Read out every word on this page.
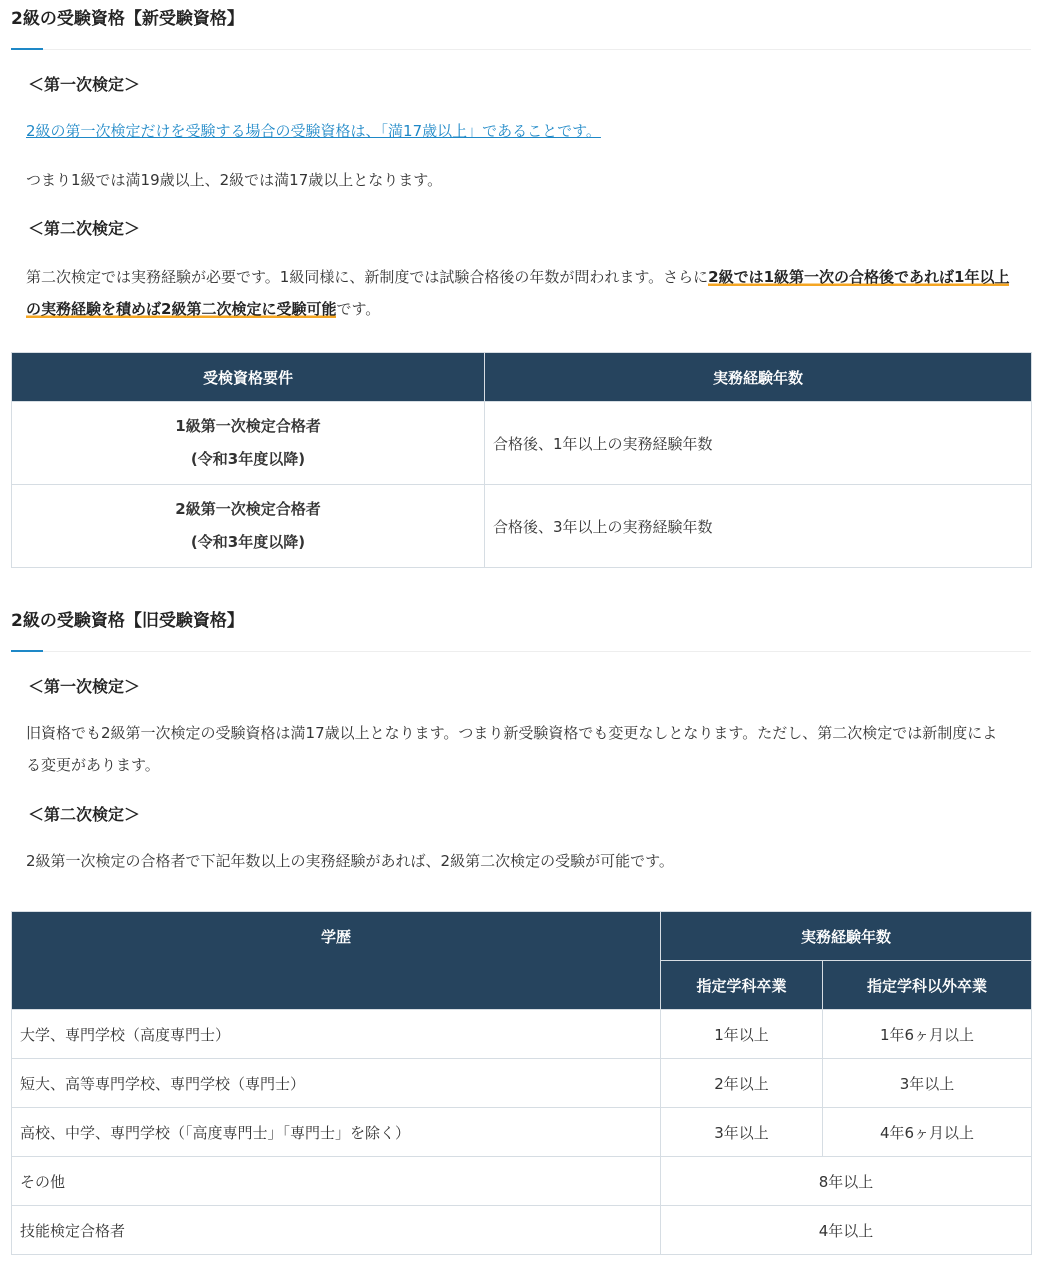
2級の受験資格【新受験資格】
＜第一次検定＞
2級の第一次検定だけを受験する場合の受験資格は、「満17歳以上」であることです。
つまり1級では満19歳以上、2級では満17歳以上となります。
＜第二次検定＞
第二次検定では実務経験が必要です。1級同様に、新制度では試験合格後の年数が問われます。さらに2級では1級第一次の合格後であれば1年以上の実務経験を積めば2級第二次検定に受験可能です。
受検資格要件	実務経験年数

1級第一次検定合格者
(令和3年度以降)	合格後、1年以上の実務経験年数

2級第一次検定合格者
(令和3年度以降)	合格後、3年以上の実務経験年数
2級の受験資格【旧受験資格】
＜第一次検定＞
旧資格でも2級第一次検定の受験資格は満17歳以上となります。つまり新受験資格でも変更なしとなります。ただし、第二次検定では新制度による変更があります。
＜第二次検定＞
2級第一次検定の合格者で下記年数以上の実務経験があれば、2級第二次検定の受験が可能です。
学歴	実務経験年数	
	指定学科卒業	指定学科以外卒業
大学、専門学校（高度専門士）	1年以上	1年6ヶ月以上
短大、高等専門学校、専門学校（専門士）	2年以上	3年以上
高校、中学、専門学校（「高度専門士」「専門士」を除く）	3年以上	4年6ヶ月以上
その他	8年以上	
技能検定合格者	4年以上	
